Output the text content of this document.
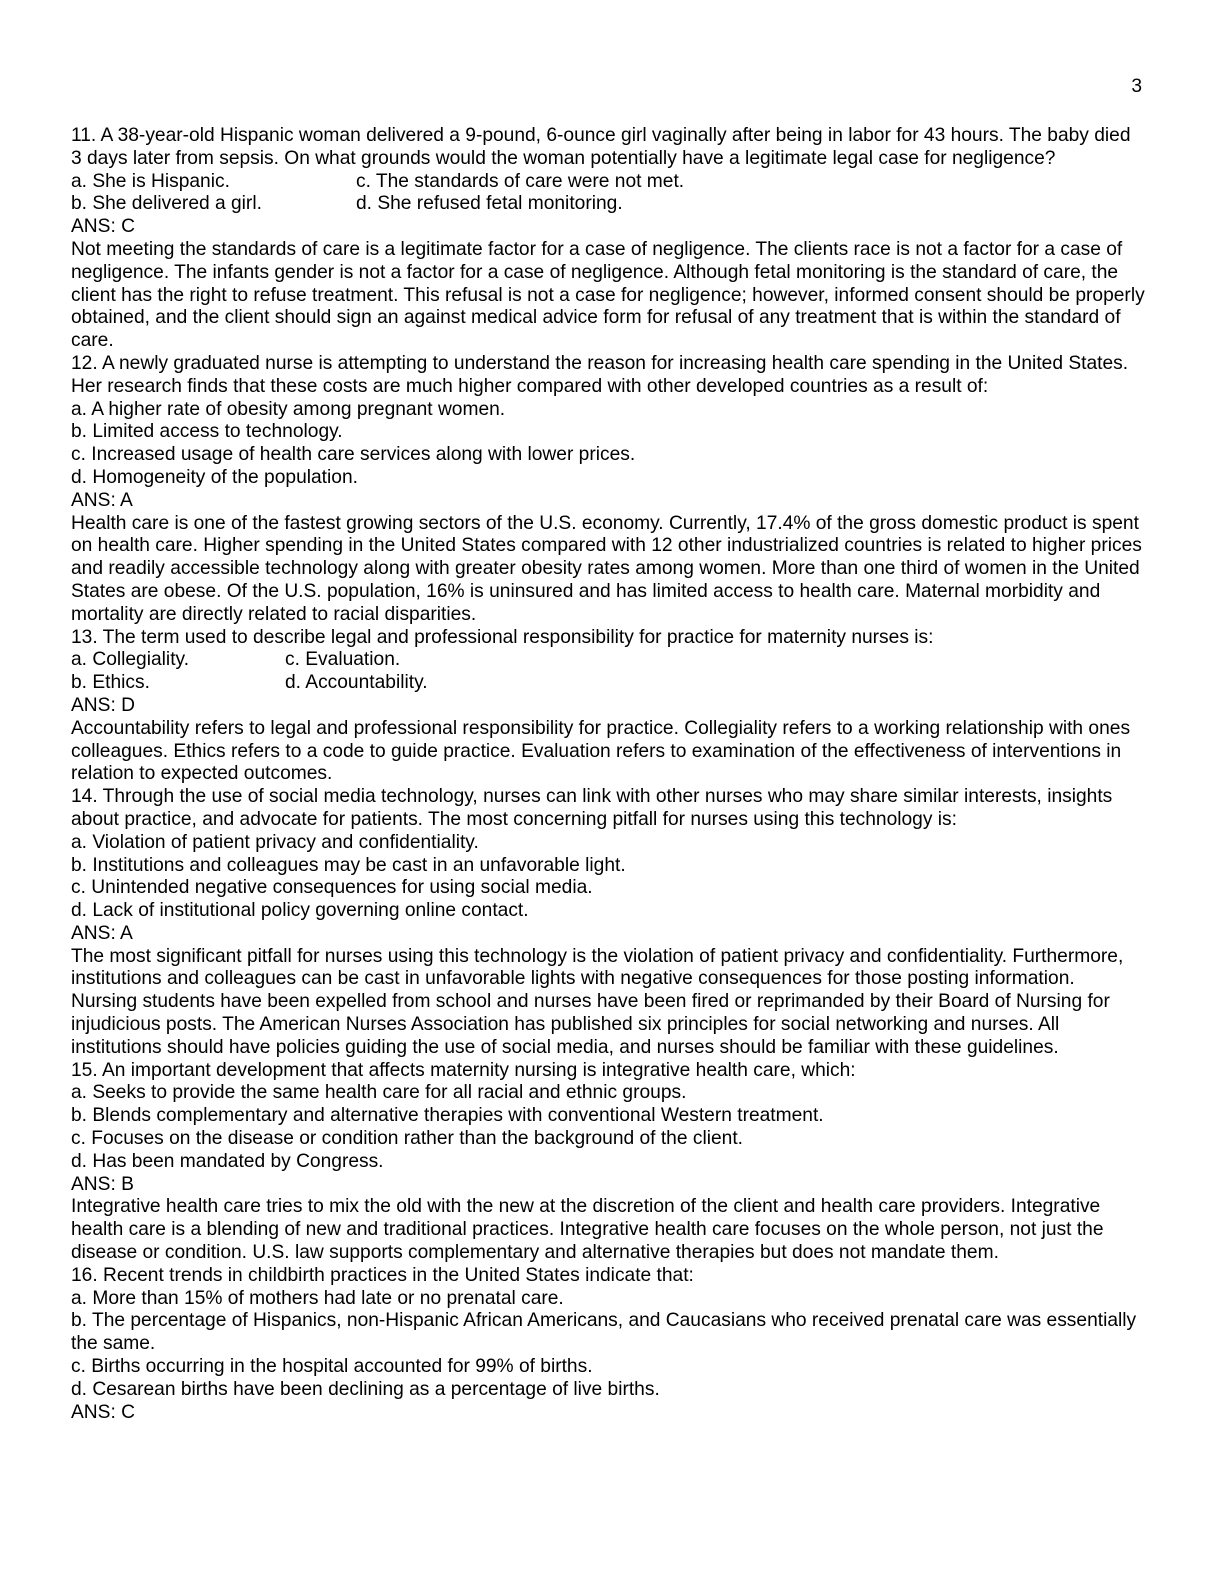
3

11. A 38-year-old Hispanic woman delivered a 9-pound, 6-ounce girl vaginally after being in labor for 43 hours. The baby died 3 days later from sepsis. On what grounds would the woman potentially have a legitimate legal case for negligence?

a. She is Hispanic.	c. The standards of care were not met.
b. She delivered a girl.	d. She refused fetal monitoring.
ANS: C

Not meeting the standards of care is a legitimate factor for a case of negligence. The clients race is not a factor for a case of negligence. The infants gender is not a factor for a case of negligence. Although fetal monitoring is the standard of care, the client has the right to refuse treatment. This refusal is not a case for negligence; however, informed consent should be properly obtained, and the client should sign an against medical advice form for refusal of any treatment that is within the standard of care.

12. A newly graduated nurse is attempting to understand the reason for increasing health care spending in the United States. Her research finds that these costs are much higher compared with other developed countries as a result of:

a. A higher rate of obesity among pregnant women.
b. Limited access to technology.
c. Increased usage of health care services along with lower prices.
d. Homogeneity of the population.
ANS: A

Health care is one of the fastest growing sectors of the U.S. economy. Currently, 17.4% of the gross domestic product is spent on health care. Higher spending in the United States compared with 12 other industrialized countries is related to higher prices and readily accessible technology along with greater obesity rates among women. More than one third of women in the United States are obese. Of the U.S. population, 16% is uninsured and has limited access to health care. Maternal morbidity and mortality are directly related to racial disparities.

13. The term used to describe legal and professional responsibility for practice for maternity nurses is:

a. Collegiality.	c. Evaluation.
b. Ethics.	d. Accountability.
ANS: D

Accountability refers to legal and professional responsibility for practice. Collegiality refers to a working relationship with ones colleagues. Ethics refers to a code to guide practice. Evaluation refers to examination of the effectiveness of interventions in relation to expected outcomes.

14. Through the use of social media technology, nurses can link with other nurses who may share similar interests, insights about practice, and advocate for patients. The most concerning pitfall for nurses using this technology is:

a. Violation of patient privacy and confidentiality.
b. Institutions and colleagues may be cast in an unfavorable light.
c. Unintended negative consequences for using social media.
d. Lack of institutional policy governing online contact.
ANS: A

The most significant pitfall for nurses using this technology is the violation of patient privacy and confidentiality. Furthermore, institutions and colleagues can be cast in unfavorable lights with negative consequences for those posting information. Nursing students have been expelled from school and nurses have been fired or reprimanded by their Board of Nursing for injudicious posts. The American Nurses Association has published six principles for social networking and nurses. All institutions should have policies guiding the use of social media, and nurses should be familiar with these guidelines.

15. An important development that affects maternity nursing is integrative health care, which:

a. Seeks to provide the same health care for all racial and ethnic groups.
b. Blends complementary and alternative therapies with conventional Western treatment.
c. Focuses on the disease or condition rather than the background of the client.
d. Has been mandated by Congress.
ANS: B

Integrative health care tries to mix the old with the new at the discretion of the client and health care providers. Integrative health care is a blending of new and traditional practices. Integrative health care focuses on the whole person, not just the disease or condition. U.S. law supports complementary and alternative therapies but does not mandate them.

16. Recent trends in childbirth practices in the United States indicate that:

a. More than 15% of mothers had late or no prenatal care.

b. The percentage of Hispanics, non-Hispanic African Americans, and Caucasians who received prenatal care was essentially the same.

c. Births occurring in the hospital accounted for 99% of births.
d. Cesarean births have been declining as a percentage of live births.
ANS: C
